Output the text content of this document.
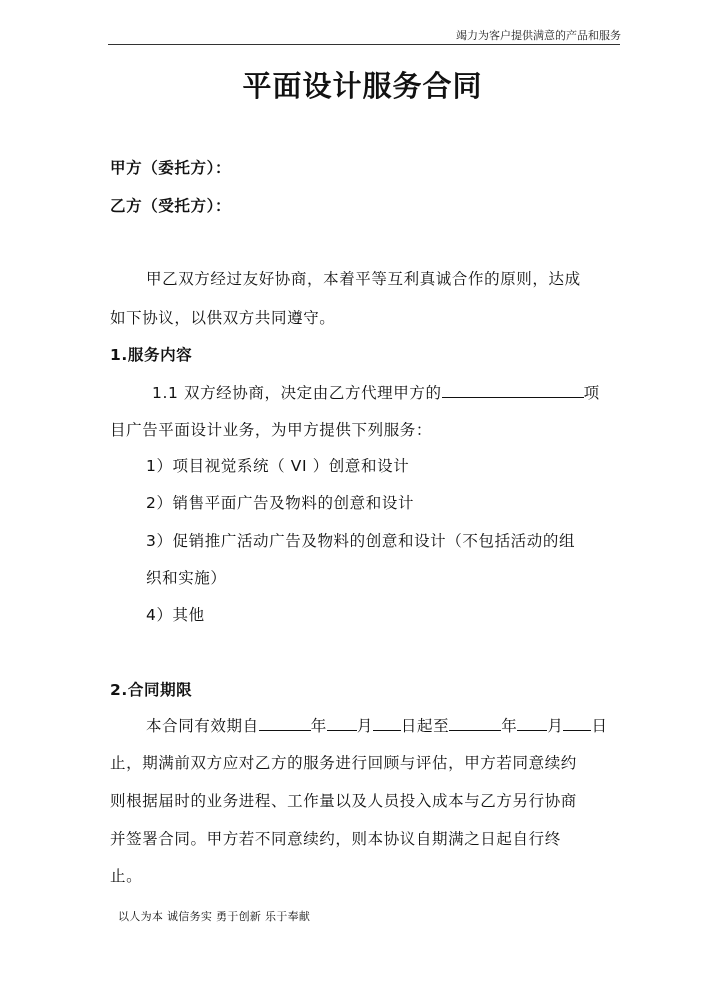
竭力为客户提供满意的产品和服务
平面设计服务合同
甲方（委托方）：
乙方（受托方）：
甲乙双方经过友好协商，本着平等互利真诚合作的原则，达成
如下协议，以供双方共同遵守。
1.服务内容
1.1 双方经协商，决定由乙方代理甲方的	项
目广告平面设计业务，为甲方提供下列服务：
1）项目视觉系统（ VI ）创意和设计
2）销售平面广告及物料的创意和设计
3）促销推广活动广告及物料的创意和设计（不包括活动的组
织和实施）
4）其他
2.合同期限
本合同有效期自	年 月 日起至	年 月 日
止，期满前双方应对乙方的服务进行回顾与评估，甲方若同意续约
则根据届时的业务进程、工作量以及人员投入成本与乙方另行协商
并签署合同。甲方若不同意续约，则本协议自期满之日起自行终
止。
以人为本 诚信务实 勇于创新 乐于奉献
